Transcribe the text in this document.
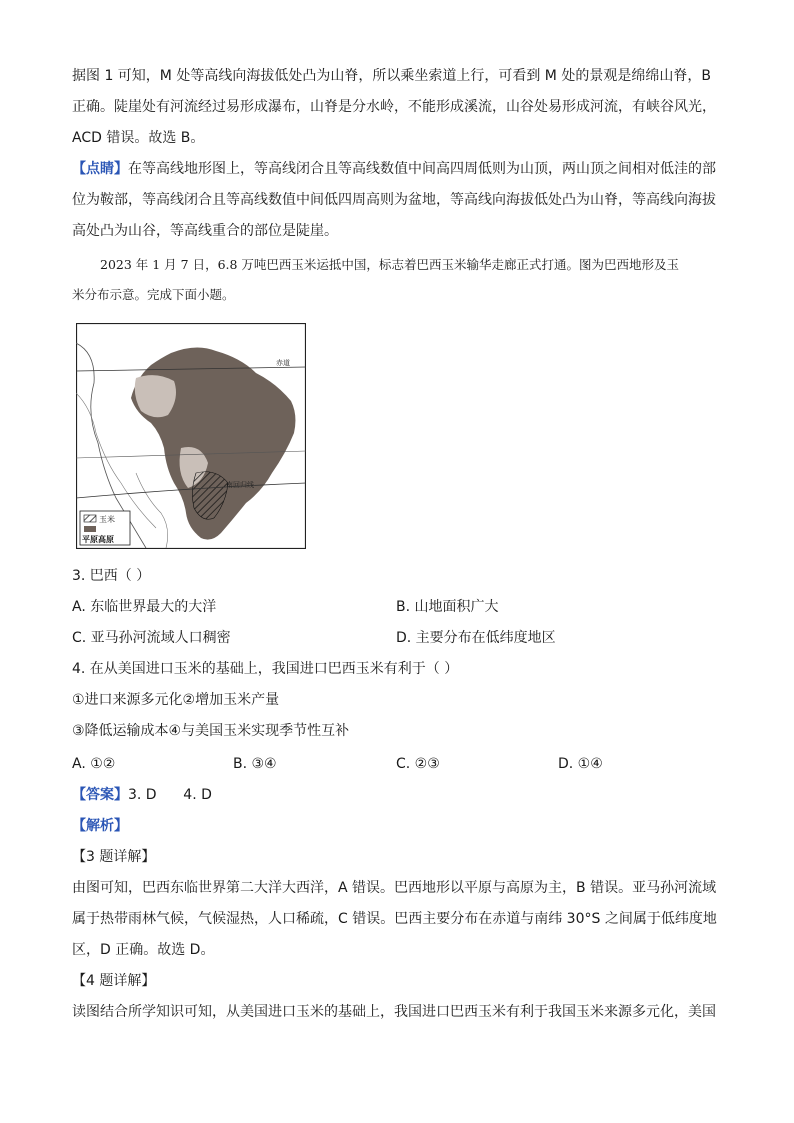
据图 1 可知，M 处等高线向海拔低处凸为山脊，所以乘坐索道上行，可看到 M 处的景观是绵绵山脊，B
正确。陡崖处有河流经过易形成瀑布，山脊是分水岭，不能形成溪流，山谷处易形成河流，有峡谷风光，
ACD 错误。故选 B。
【点睛】在等高线地形图上，等高线闭合且等高线数值中间高四周低则为山顶，两山顶之间相对低洼的部
位为鞍部，等高线闭合且等高线数值中间低四周高则为盆地，等高线向海拔低处凸为山脊，等高线向海拔
高处凸为山谷，等高线重合的部位是陡崖。
2023 年 1 月 7 日，6.8 万吨巴西玉米运抵中国，标志着巴西玉米输华走廊正式打通。图为巴西地形及玉
米分布示意。完成下面小题。
赤道
南回归线
玉米
平原高原
3. 巴西（ ）
A. 东临世界最大的大洋	B. 山地面积广大
C. 亚马孙河流域人口稠密	D. 主要分布在低纬度地区
4. 在从美国进口玉米的基础上，我国进口巴西玉米有利于（ ）
①进口来源多元化②增加玉米产量
③降低运输成本④与美国玉米实现季节性互补
A. ①②	B. ③④	C. ②③	D. ①④
【答案】3. D      4. D
【解析】
【3 题详解】
由图可知，巴西东临世界第二大洋大西洋，A 错误。巴西地形以平原与高原为主，B 错误。亚马孙河流域
属于热带雨林气候，气候湿热，人口稀疏，C 错误。巴西主要分布在赤道与南纬 30°S 之间属于低纬度地
区，D 正确。故选 D。
【4 题详解】
读图结合所学知识可知，从美国进口玉米的基础上，我国进口巴西玉米有利于我国玉米来源多元化，美国
